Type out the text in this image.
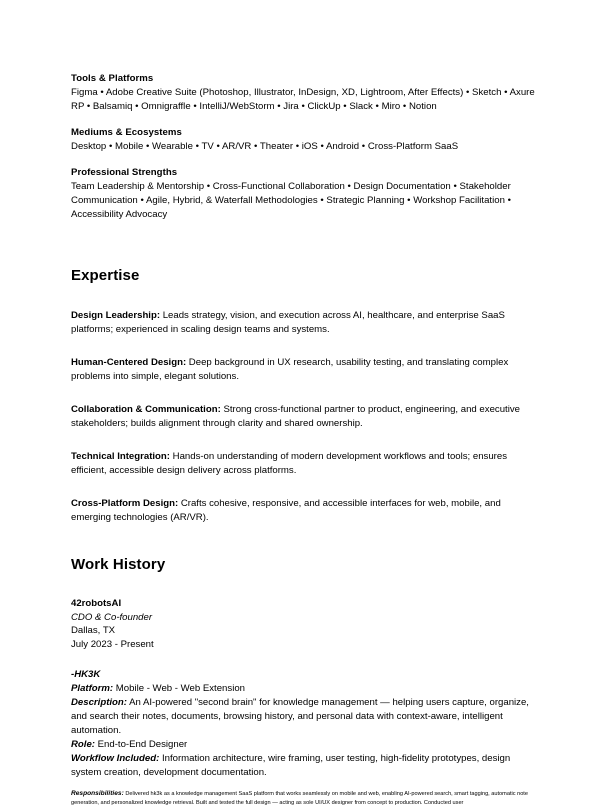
Tools & Platforms
Figma • Adobe Creative Suite (Photoshop, Illustrator, InDesign, XD, Lightroom, After Effects) • Sketch • Axure RP • Balsamiq • Omnigraffle • IntelliJ/WebStorm • Jira • ClickUp • Slack • Miro • Notion
Mediums & Ecosystems
Desktop • Mobile • Wearable • TV • AR/VR • Theater • iOS • Android • Cross-Platform SaaS
Professional Strengths
Team Leadership & Mentorship • Cross-Functional Collaboration • Design Documentation • Stakeholder Communication • Agile, Hybrid, & Waterfall Methodologies • Strategic Planning • Workshop Facilitation • Accessibility Advocacy
Expertise

Design Leadership: Leads strategy, vision, and execution across AI, healthcare, and enterprise SaaS platforms; experienced in scaling design teams and systems.

Human-Centered Design: Deep background in UX research, usability testing, and translating complex problems into simple, elegant solutions.

Collaboration & Communication: Strong cross-functional partner to product, engineering, and executive stakeholders; builds alignment through clarity and shared ownership.

Technical Integration: Hands-on understanding of modern development workflows and tools; ensures efficient, accessible design delivery across platforms.

Cross-Platform Design: Crafts cohesive, responsive, and accessible interfaces for web, mobile, and emerging technologies (AR/VR).

Work History
42robotsAI
CDO & Co-founder
Dallas, TX
July 2023 - Present
-HK3K
Platform: Mobile - Web - Web Extension
Description: An AI-powered "second brain" for knowledge management — helping users capture, organize, and search their notes, documents, browsing history, and personal data with context-aware, intelligent automation.
Role: End-to-End Designer
Workflow Included: Information architecture, wire framing, user testing, high-fidelity prototypes, design system creation, development documentation.
Responsibilities: Delivered hk3k as a knowledge management SaaS platform that works seamlessly on mobile and web, enabling AI-powered search, smart tagging, automatic note generation, and personalized knowledge retrieval. Built and tested the full design — acting as sole UI/UX designer from concept to production. Conducted user
